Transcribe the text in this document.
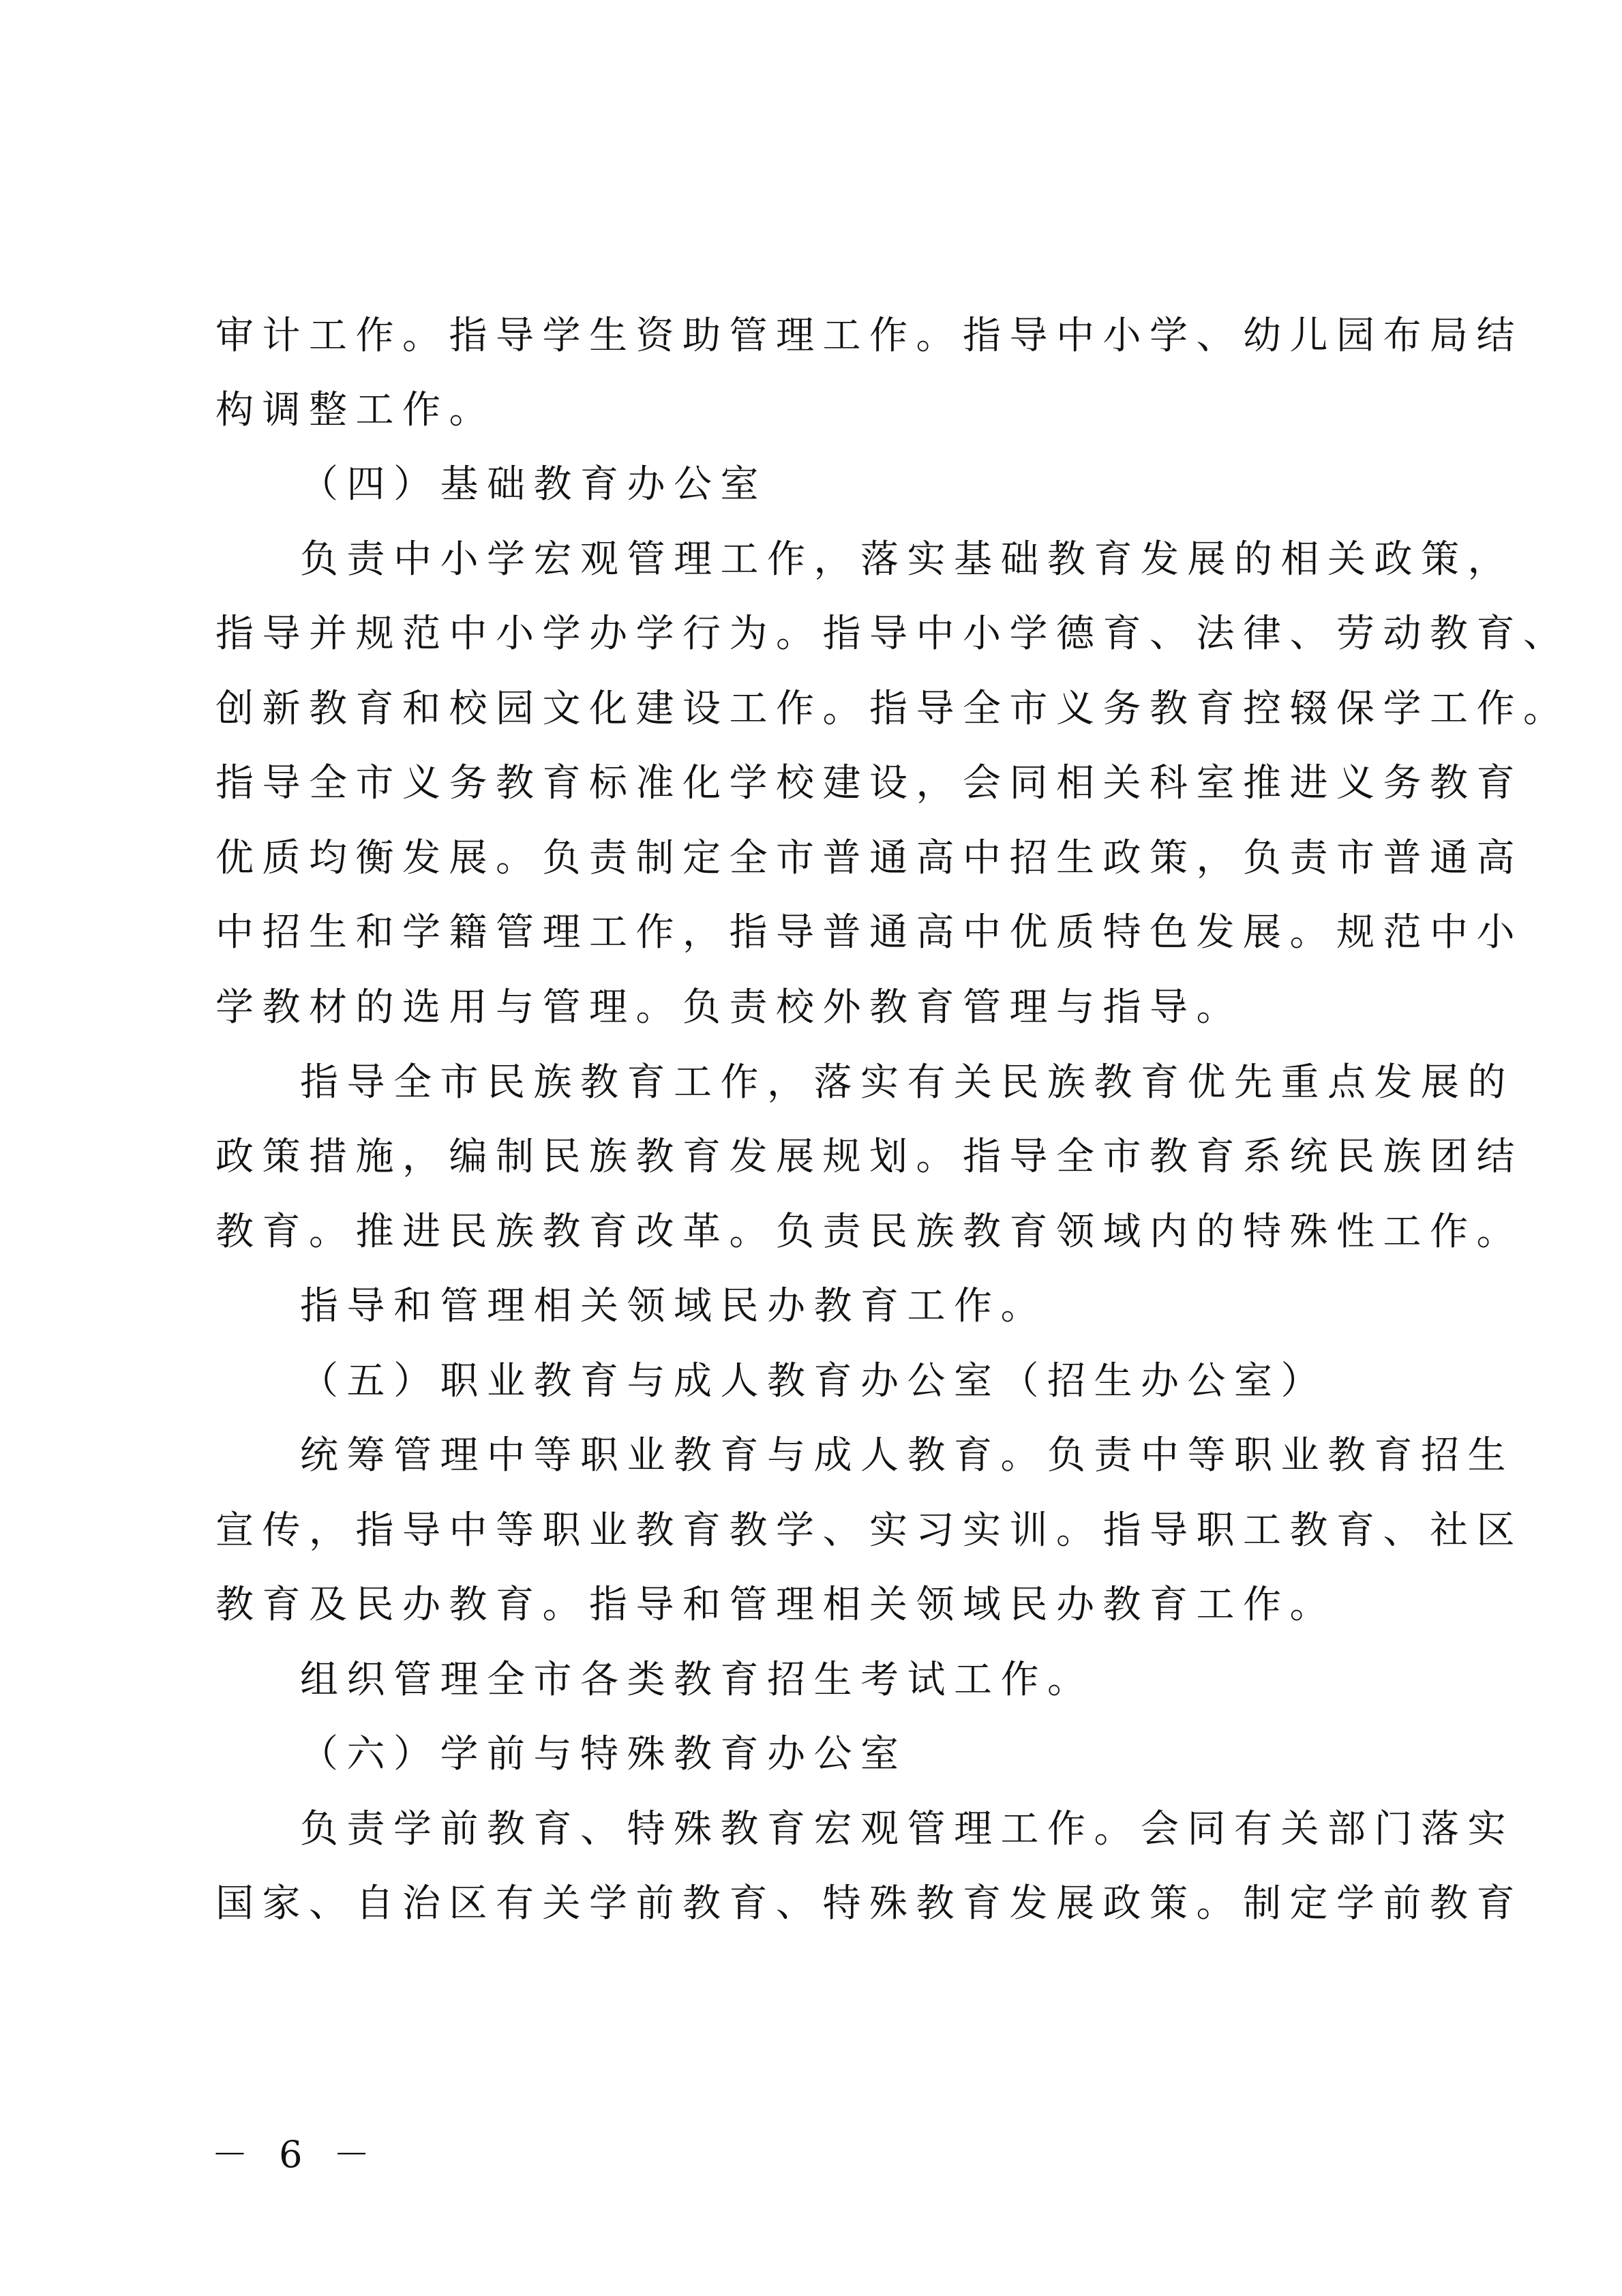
审计工作。指导学生资助管理工作。指导中小学、幼儿园布局结
构调整工作。
（四）基础教育办公室
负责中小学宏观管理工作，落实基础教育发展的相关政策，
指导并规范中小学办学行为。指导中小学德育、法律、劳动教育、
创新教育和校园文化建设工作。指导全市义务教育控辍保学工作。
指导全市义务教育标准化学校建设，会同相关科室推进义务教育
优质均衡发展。负责制定全市普通高中招生政策，负责市普通高
中招生和学籍管理工作，指导普通高中优质特色发展。规范中小
学教材的选用与管理。负责校外教育管理与指导。
指导全市民族教育工作，落实有关民族教育优先重点发展的
政策措施，编制民族教育发展规划。指导全市教育系统民族团结
教育。推进民族教育改革。负责民族教育领域内的特殊性工作。
指导和管理相关领域民办教育工作。
（五）职业教育与成人教育办公室（招生办公室）
统筹管理中等职业教育与成人教育。负责中等职业教育招生
宣传，指导中等职业教育教学、实习实训。指导职工教育、社区
教育及民办教育。指导和管理相关领域民办教育工作。
组织管理全市各类教育招生考试工作。
（六）学前与特殊教育办公室
负责学前教育、特殊教育宏观管理工作。会同有关部门落实
国家、自治区有关学前教育、特殊教育发展政策。制定学前教育
－ 6 －
